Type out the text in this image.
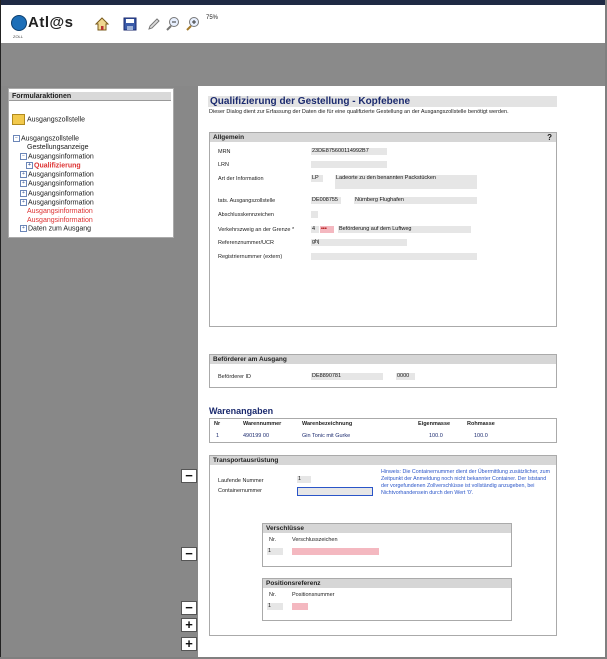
Atl@s
ZOLL
75%
Formularaktionen
Ausgangszollstelle
− Ausgangszollstelle
Gestellungsanzeige
− Ausgangsinformation
+ Qualifizierung
+ Ausgangsinformation
+ Ausgangsinformation
+ Ausgangsinformation
+ Ausgangsinformation
Ausgangsinformation
Ausgangsinformation
+ Daten zum Ausgang
−
−
−
+
+
Qualifizierung der Gestellung - Kopfebene
Dieser Dialog dient zur Erfassung der Daten die für eine qualifizierte Gestellung an der Ausgangszollstelle benötigt werden.
Allgemein	?
MRN	23DE875600114992B7
LRN
Art der Information	LP	Ladeorte zu den benannten Packstücken
tats. Ausgangszollstelle	DE008755	Nürnberg Flughafen
Abschlusskennzeichen
Verkehrszweig an der Grenze *	4	•••	Beförderung auf dem Luftweg
Referenznummer/UCR	ghj
Registriernummer (extern)
Beförderer am Ausgang
Beförderer ID	DE8890781	0000
Warenangaben
Nr	Warennummer	Warenbezeichnung	Eigenmasse	Rohmasse
1	490199 00	Gin Tonic mit Gurke	100.0	100.0
Transportausrüstung
Laufende Nummer	1
Containernummer
Hinweis: Die Containernummer dient der Übermittlung zusätzlicher, zum Zeitpunkt der Anmeldung noch nicht bekannter Container. Der Iststand der vorgefundenen Zollverschlüsse ist vollständig anzugeben, bei Nichtvorhandensein durch den Wert '0'.
Verschlüsse
Nr.	Verschlusszeichen
1
Positionsreferenz
Nr.	Positionsnummer
1
